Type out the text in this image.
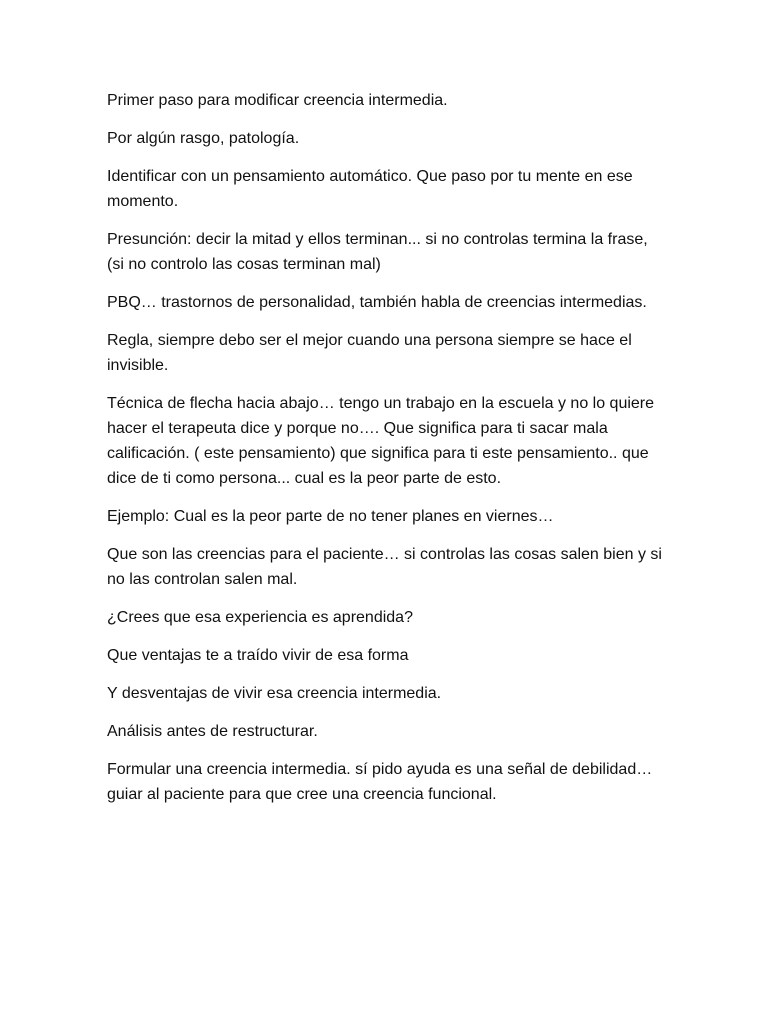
Primer paso para modificar creencia intermedia.

Por algún rasgo, patología.

Identificar con un pensamiento automático. Que paso por tu mente en ese momento.

Presunción: decir la mitad y ellos terminan... si no controlas termina la frase, (si no controlo las cosas terminan mal)

PBQ… trastornos de personalidad, también habla de creencias intermedias.

Regla, siempre debo ser el mejor cuando una persona siempre se hace el invisible.

Técnica de flecha hacia abajo… tengo un trabajo en la escuela y no lo quiere hacer el terapeuta dice y porque no…. Que significa para ti sacar mala calificación. ( este pensamiento) que significa para ti este pensamiento.. que dice de ti como persona... cual es la peor parte de esto.

Ejemplo: Cual es la peor parte de no tener planes en viernes…

Que son las creencias para el paciente… si controlas las cosas salen bien y si no las controlan salen mal.

¿Crees que esa experiencia es aprendida?

Que ventajas te a traído vivir de esa forma

Y desventajas de vivir esa creencia intermedia.

Análisis antes de restructurar.

Formular una creencia intermedia. sí pido ayuda es una señal de debilidad… guiar al paciente para que cree una creencia funcional.
